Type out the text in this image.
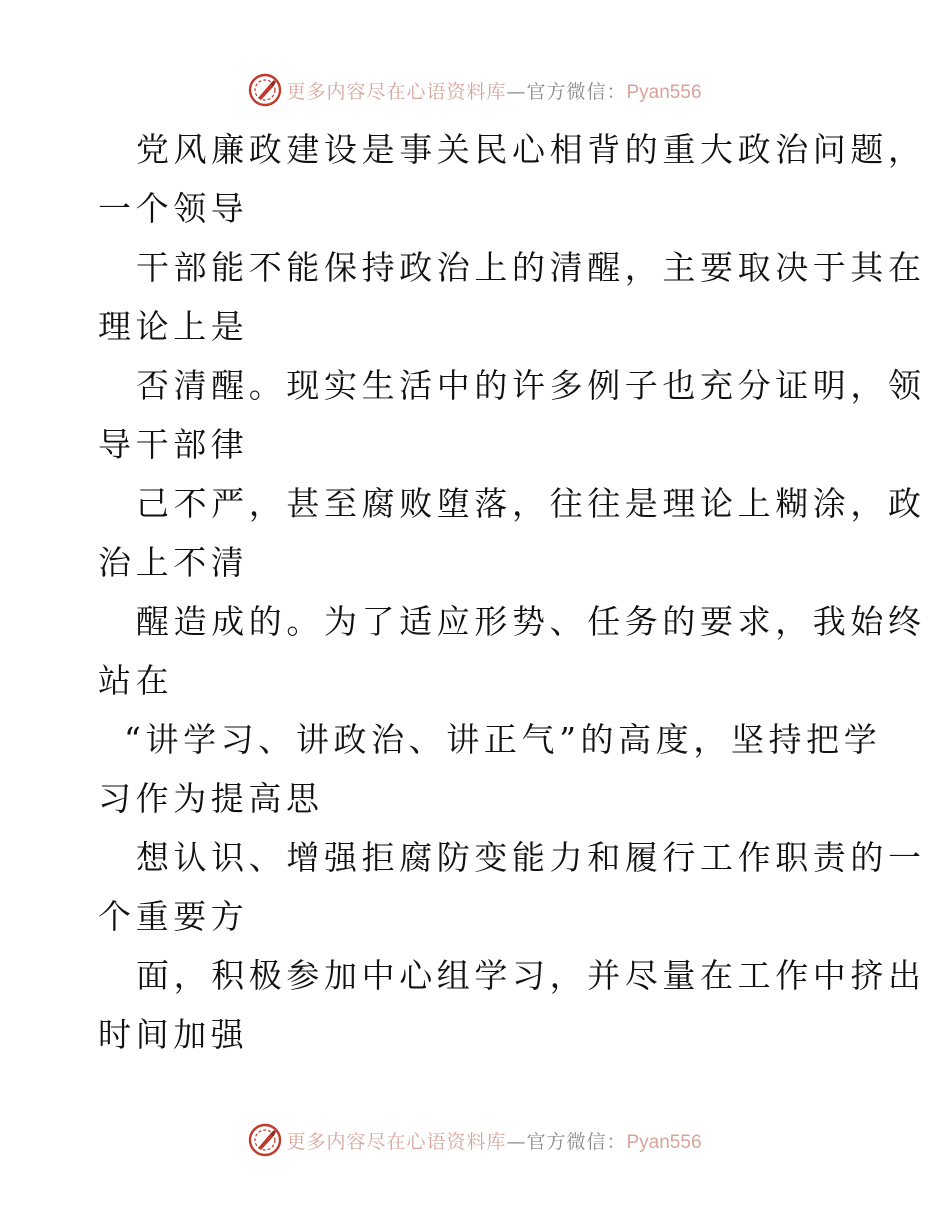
更多内容尽在心语资料库—官方微信：Pyan556
党风廉政建设是事关民心相背的重大政治问题，
一个领导
干部能不能保持政治上的清醒，主要取决于其在
理论上是
否清醒。现实生活中的许多例子也充分证明，领
导干部律
己不严，甚至腐败堕落，往往是理论上糊涂，政
治上不清
醒造成的。为了适应形势、任务的要求，我始终
站在
“讲学习、讲政治、讲正气”的高度，坚持把学
习作为提高思
想认识、增强拒腐防变能力和履行工作职责的一
个重要方
面，积极参加中心组学习，并尽量在工作中挤出
时间加强
更多内容尽在心语资料库—官方微信：Pyan556
